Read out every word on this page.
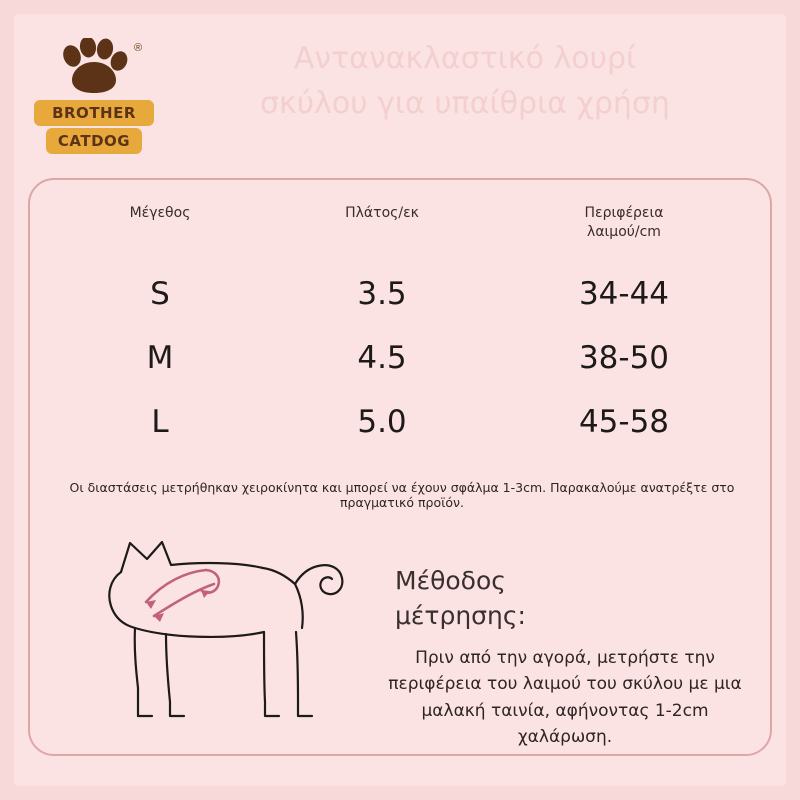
®
BROTHER
CATDOG
Αντανακλαστικό λουρί
σκύλου για υπαίθρια χρήση
Μέγεθος	Πλάτος/εκ	Περιφέρεια
λαιμού/cm
S	3.5	34-44
M	4.5	38-50
L	5.0	45-58
Οι διαστάσεις μετρήθηκαν χειροκίνητα και μπορεί να έχουν σφάλμα 1-3cm. Παρακαλούμε ανατρέξτε στο πραγματικό προϊόν.
Μέθοδος
μέτρησης:
Πριν από την αγορά, μετρήστε την περιφέρεια του λαιμού του σκύλου με μια μαλακή ταινία, αφήνοντας 1-2cm χαλάρωση.
